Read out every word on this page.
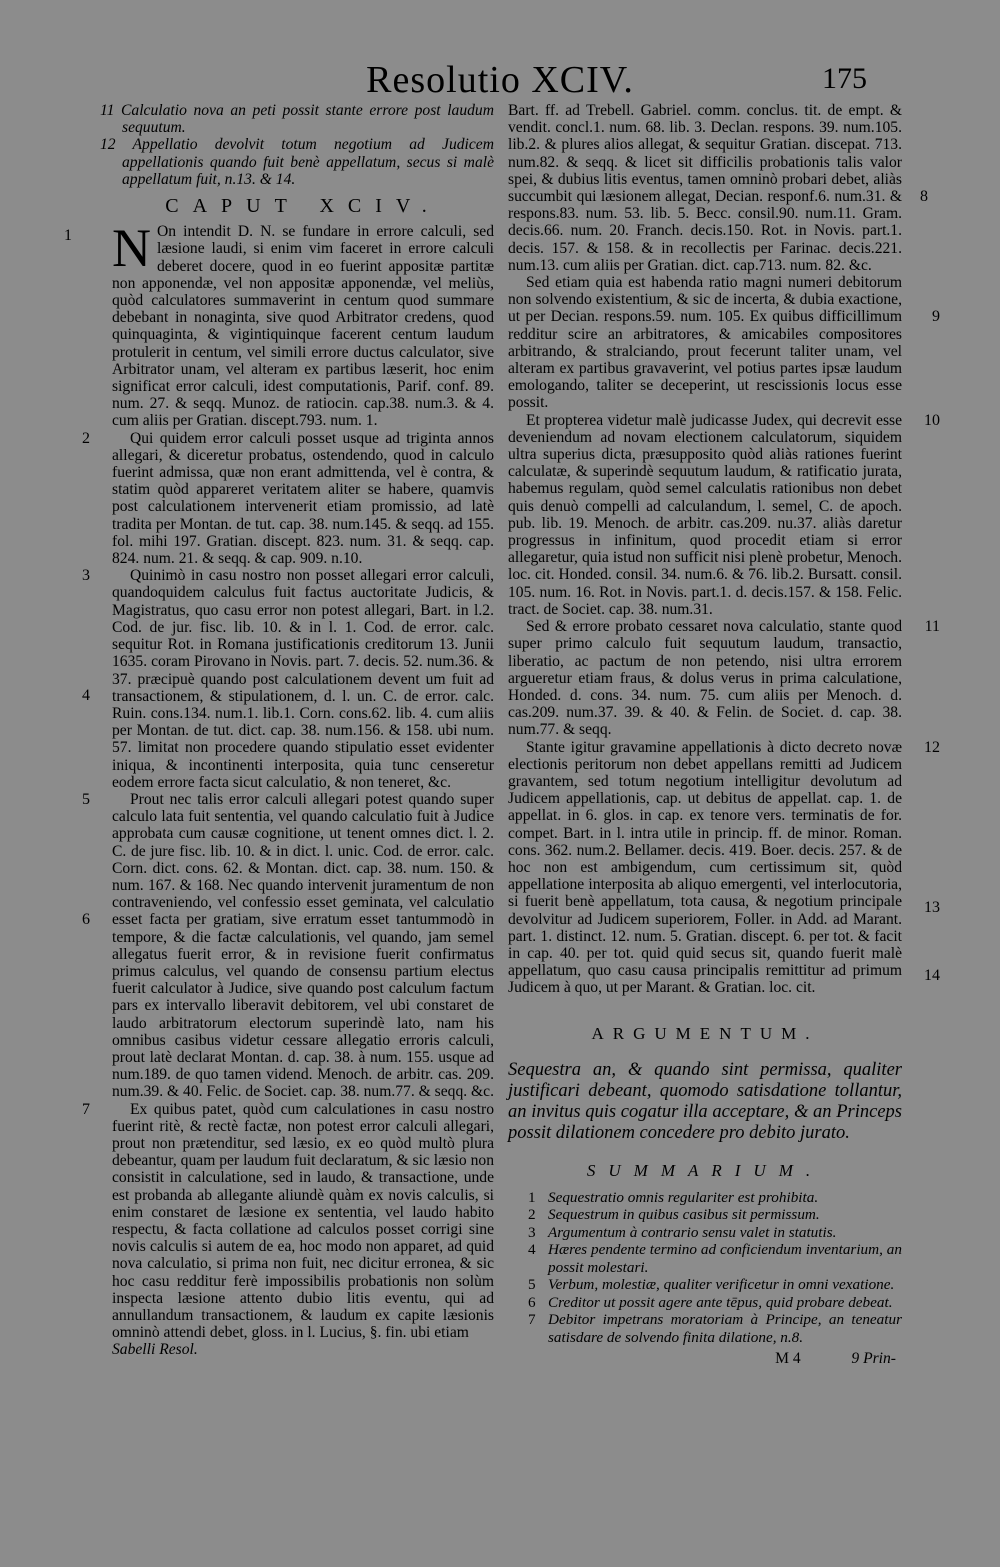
Resolutio XCIV.	175

11 Calculatio nova an peti possit stante errore post laudum sequutum.

12 Appellatio devolvit totum negotium ad Judicem appellationis quando fuit benè appellatum, secus si malè appellatum fuit, n.13. & 14.

CAPUT XCIV.

1 N On intendit D. N. se fundare in errore calculi, sed læsione laudi, si enim vim faceret in errore calculi deberet docere, quod in eo fuerint appositæ partitæ non apponendæ, vel non appositæ apponendæ, vel meliùs, quòd calculatores summaverint in centum quod summare debebant in nonaginta, sive quod Arbitrator credens, quod quinquaginta, & vigintiquinque facerent centum laudum protulerit in centum, vel simili errore ductus calculator, sive Arbitrator unam, vel alteram ex partibus læserit, hoc enim significat error calculi, idest computationis, Parif. conf. 89. num. 27. & seqq. Munoz. de ratiocin. cap.38. num.3. & 4. cum aliis per Gratian. discept.793. num. 1.

2	Qui quidem error calculi posset usque ad triginta annos allegari, & diceretur probatus, ostendendo, quod in calculo fuerint admissa, quæ non erant admittenda, vel è contra, & statim quòd appareret veritatem aliter se habere, quamvis post calculationem intervenerit etiam promissio, ad latè tradita per Montan. de tut. cap. 38. num.145. & seqq. ad 155. fol. mihi 197. Gratian. discept. 823. num. 31. & seqq. cap. 824. num. 21. & seqq. & cap. 909. n.10.

3
4
Quinimò in casu nostro non posset allegari error calculi, quandoquidem calculus fuit factus auctoritate Judicis, & Magistratus, quo casu error non potest allegari, Bart. in l.2. Cod. de jur. fisc. lib. 10. & in l. 1. Cod. de error. calc. sequitur Rot. in Romana justificationis creditorum 13. Junii 1635. coram Pirovano in Novis. part. 7. decis. 52. num.36. & 37. præcipuè quando post calculationem devent um fuit ad transactionem, & stipulationem, d. l. un. C. de error. calc. Ruin. cons.134. num.1. lib.1. Corn. cons.62. lib. 4. cum aliis per Montan. de tut. dict. cap. 38. num.156. & 158. ubi num. 57. limitat non procedere quando stipulatio esset evidenter iniqua, & incontinenti interposita, quia tunc censeretur eodem errore facta sicut calculatio, & non teneret, &c.

5
6
Prout nec talis error calculi allegari potest quando super calculo lata fuit sententia, vel quando calculatio fuit à Judice approbata cum causæ cognitione, ut tenent omnes dict. l. 2. C. de jure fisc. lib. 10. & in dict. l. unic. Cod. de error. calc. Corn. dict. cons. 62. & Montan. dict. cap. 38. num. 150. & num. 167. & 168. Nec quando intervenit juramentum de non contraveniendo, vel confessio esset geminata, vel calculatio esset facta per gratiam, sive erratum esset tantummodò in tempore, & die factæ calculationis, vel quando, jam semel allegatus fuerit error, & in revisione fuerit confirmatus primus calculus, vel quando de consensu partium electus fuerit calculator à Judice, sive quando post calculum factum pars ex intervallo liberavit debitorem, vel ubi constaret de laudo arbitratorum electorum superindè lato, nam his omnibus casibus videtur cessare allegatio erroris calculi, prout latè declarat Montan. d. cap. 38. à num. 155. usque ad num.189. de quo tamen vidend. Menoch. de arbitr. cas. 209. num.39. & 40. Felic. de Societ. cap. 38. num.77. & seqq. &c.

7	Ex quibus patet, quòd cum calculationes in casu nostro fuerint ritè, & rectè factæ, non potest error calculi allegari, prout non prætenditur, sed læsio, ex eo quòd multò plura debeantur, quam per laudum fuit declaratum, & sic læsio non consistit in calculatione, sed in laudo, & transactione, unde est probanda ab allegante aliundè quàm ex novis calculis, si enim constaret de læsione ex sententia, vel laudo habito respectu, & facta collatione ad calculos posset corrigi sine novis calculis si autem de ea, hoc modo non apparet, ad quid nova calculatio, si prima non fuit, nec dicitur erronea, & sic hoc casu redditur ferè impossibilis probationis non solùm inspecta læsione attento dubio litis eventu, qui ad annullandum transactionem, & laudum ex capite læsionis omninò attendi debet, gloss. in l. Lucius, §. fin. ubi etiam

Sabelli Resol.

8
Bart. ff. ad Trebell. Gabriel. comm. conclus. tit. de empt. & vendit. concl.1. num. 68. lib. 3. Declan. respons. 39. num.105. lib.2. & plures alios allegat, & sequitur Gratian. discepat. 713. num.82. & seqq. & licet sit difficilis probationis talis valor spei, & dubius litis eventus, tamen omninò probari debet, aliàs succumbit qui læsionem allegat, Decian. responf.6. num.31. & respons.83. num. 53. lib. 5. Becc. consil.90. num.11. Gram. decis.66. num. 20. Franch. decis.150. Rot. in Novis. part.1. decis. 157. & 158. & in recollectis per Farinac. decis.221. num.13. cum aliis per Gratian. dict. cap.713. num. 82. &c.

9
Sed etiam quia est habenda ratio magni numeri debitorum non solvendo existentium, & sic de incerta, & dubia exactione, ut per Decian. respons.59. num. 105. Ex quibus difficillimum redditur scire an arbitratores, & amicabiles compositores arbitrando, & stralciando, prout fecerunt taliter unam, vel alteram ex partibus gravaverint, vel potius partes ipsæ laudum emologando, taliter se deceperint, ut rescissionis locus esse possit.

10
Et propterea videtur malè judicasse Judex, qui decrevit esse deveniendum ad novam electionem calculatorum, siquidem ultra superius dicta, præsupposito quòd aliàs rationes fuerint calculatæ, & superindè sequutum laudum, & ratificatio jurata, habemus regulam, quòd semel calculatis rationibus non debet quis denuò compelli ad calculandum, l. semel, C. de apoch. pub. lib. 19. Menoch. de arbitr. cas.209. nu.37. aliàs daretur progressus in infinitum, quod procedit etiam si error allegaretur, quia istud non sufficit nisi plenè probetur, Menoch. loc. cit. Honded. consil. 34. num.6. & 76. lib.2. Bursatt. consil. 105. num. 16. Rot. in Novis. part.1. d. decis.157. & 158. Felic. tract. de Societ. cap. 38. num.31.

11
Sed & errore probato cessaret nova calculatio, stante quod super primo calculo fuit sequutum laudum, transactio, liberatio, ac pactum de non petendo, nisi ultra errorem argueretur etiam fraus, & dolus verus in prima calculatione, Honded. d. cons. 34. num. 75. cum aliis per Menoch. d. cas.209. num.37. 39. & 40. & Felin. de Societ. d. cap. 38. num.77. & seqq.

12
13
14
Stante igitur gravamine appellationis à dicto decreto novæ electionis peritorum non debet appellans remitti ad Judicem gravantem, sed totum negotium intelligitur devolutum ad Judicem appellationis, cap. ut debitus de appellat. cap. 1. de appellat. in 6. glos. in cap. ex tenore vers. terminatis de for. compet. Bart. in l. intra utile in princip. ff. de minor. Roman. cons. 362. num.2. Bellamer. decis. 419. Boer. decis. 257. & de hoc non est ambigendum, cum certissimum sit, quòd appellatione interposita ab aliquo emergenti, vel interlocutoria, si fuerit benè appellatum, tota causa, & negotium principale devolvitur ad Judicem superiorem, Foller. in Add. ad Marant. part. 1. distinct. 12. num. 5. Gratian. discept. 6. per tot. & facit in cap. 40. per tot. quid quid secus sit, quando fuerit malè appellatum, quo casu causa principalis remittitur ad primum Judicem à quo, ut per Marant. & Gratian. loc. cit.

ARGUMENTUM.

Sequestra an, & quando sint permissa, qualiter justificari debeant, quomodo satisdatione tollantur, an invitus quis cogatur illa acceptare, & an Princeps possit dilationem concedere pro debito jurato.

SUMMARIUM.
1 Sequestratio omnis regulariter est prohibita.
2 Sequestrum in quibus casibus sit permissum.
3 Argumentum à contrario sensu valet in statutis.
4 Hæres pendente termino ad conficiendum inventarium, an possit molestari.
5 Verbum, molestiæ, qualiter verificetur in omni vexatione.
6 Creditor ut possit agere ante tēpus, quid probare debeat.
7 Debitor impetrans moratoriam à Principe, an teneatur satisdare de solvendo finita dilatione, n.8.
M 4	9 Prin-
